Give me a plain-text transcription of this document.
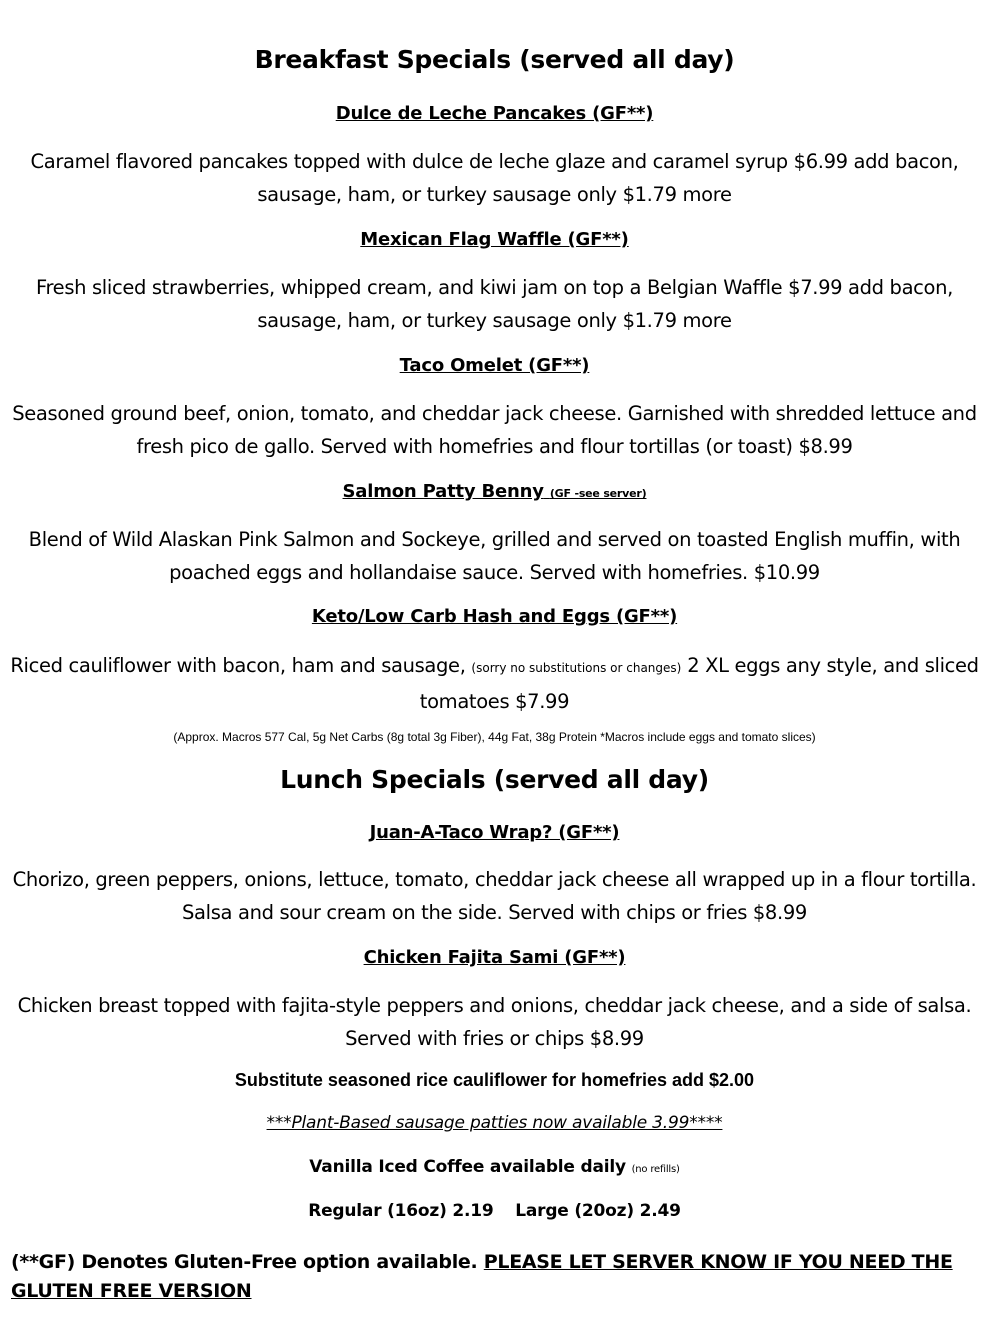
Breakfast Specials (served all day)
Dulce de Leche Pancakes (GF**)
Caramel flavored pancakes topped with dulce de leche glaze and caramel syrup $6.99 add bacon, sausage, ham, or turkey sausage only $1.79 more
Mexican Flag Waffle (GF**)
Fresh sliced strawberries, whipped cream, and kiwi jam on top a Belgian Waffle $7.99 add bacon, sausage, ham, or turkey sausage only $1.79 more
Taco Omelet (GF**)
Seasoned ground beef, onion, tomato, and cheddar jack cheese. Garnished with shredded lettuce and fresh pico de gallo. Served with homefries and flour tortillas (or toast) $8.99
Salmon Patty Benny (GF -see server)
Blend of Wild Alaskan Pink Salmon and Sockeye, grilled and served on toasted English muffin, with poached eggs and hollandaise sauce. Served with homefries. $10.99
Keto/Low Carb Hash and Eggs (GF**)
Riced cauliflower with bacon, ham and sausage, (sorry no substitutions or changes) 2 XL eggs any style, and sliced tomatoes $7.99
(Approx. Macros 577 Cal, 5g Net Carbs (8g total 3g Fiber), 44g Fat, 38g Protein *Macros include eggs and tomato slices)
Lunch Specials (served all day)
Juan-A-Taco Wrap? (GF**)
Chorizo, green peppers, onions, lettuce, tomato, cheddar jack cheese all wrapped up in a flour tortilla. Salsa and sour cream on the side. Served with chips or fries $8.99
Chicken Fajita Sami (GF**)
Chicken breast topped with fajita-style peppers and onions, cheddar jack cheese, and a side of salsa. Served with fries or chips $8.99
Substitute seasoned rice cauliflower for homefries add $2.00
***Plant-Based sausage patties now available 3.99****
Vanilla Iced Coffee available daily (no refills)
Regular (16oz) 2.19 Large (20oz) 2.49
(**GF) Denotes Gluten-Free option available. PLEASE LET SERVER KNOW IF YOU NEED THE GLUTEN FREE VERSION
